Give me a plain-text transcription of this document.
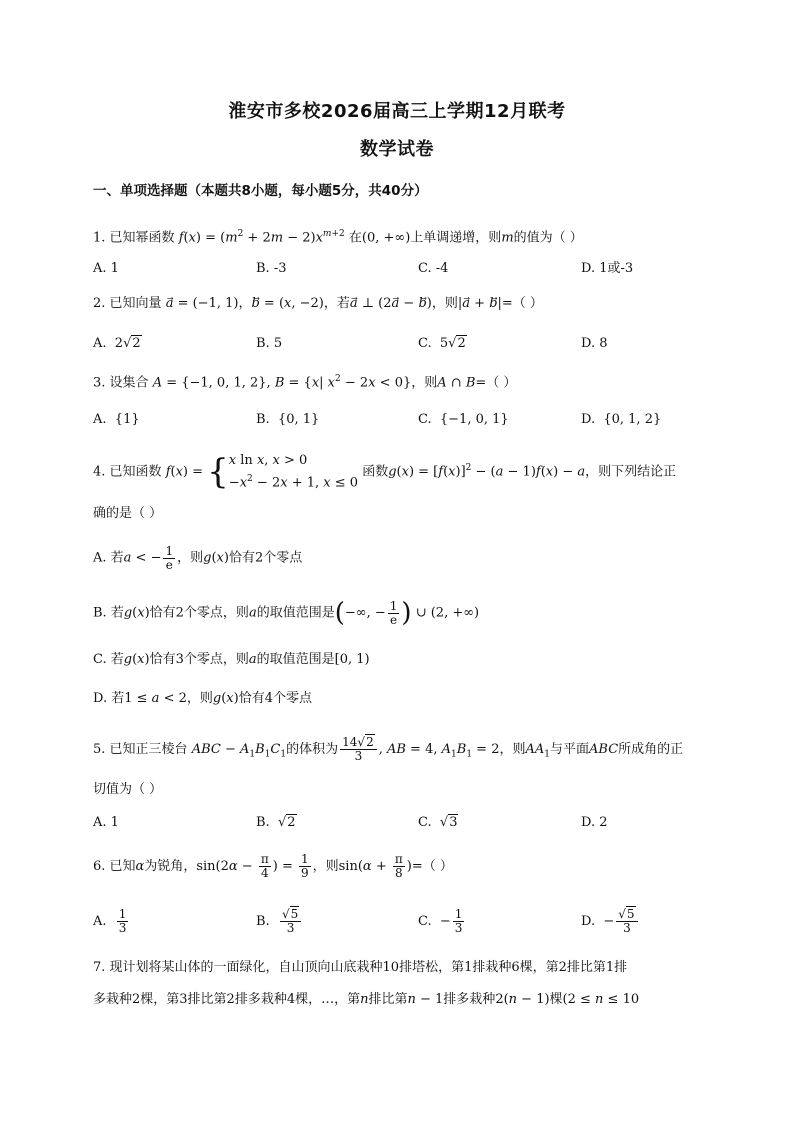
淮安市多校2026届高三上学期12月联考
数学试卷
一、单项选择题（本题共8小题，每小题5分，共40分）
1. 已知幂函数 $f(x) = (m^2 + 2m - 2)x^{m+2}$ 在(0, +∞)上单调递增，则m的值为（ ）
A. 1	B. -3	C. -4	D. 1或-3
2. 已知向量 a⃗ = (−1, 1)，b⃗ = (x, −2)，若a⃗ ⊥ (2a⃗ − b⃗)，则|a⃗ + b⃗|=（ ）
A.  2√2	B. 5	C.  5√2	D. 8
3. 设集合 A = {−1, 0, 1, 2}, B = {x| $x^2 - 2x < 0$}，则A ∩ B=（ ）
A. {1}	B. {0, 1}	C. {−1, 0, 1}	D. {0, 1, 2}
4. 已知函数 f(x) = { x ln x, x > 0
$-x^2 - 2x + 1$, x ≤ 0
函数$g(x) = [f(x)]^2 - (a - 1)f(x) - a$，则下列结论正
确的是（ ）
A. 若a < − $\frac{1}{e}$ ，则g(x)恰有2个零点
B. 若g(x)恰有2个零点，则a的取值范围是(−∞, − $\frac{1}{e}$ ) ∪ (2, +∞)
C. 若g(x)恰有3个零点，则a的取值范围是[0, 1)
D. 若1 ≤ a < 2，则g(x)恰有4个零点
5. 已知正三棱台 ABC − $A_1B_1C_1$的体积为 $\frac{14√2}{3}$ , AB = 4, $A_1B_1 = 2$，则$AA_1$与平面ABC所成角的正
切值为（ ）
A. 1	B. √2	C. √3	D. 2
6. 已知α为锐角，$\sin(2\alpha - \frac{\pi}{4}$ ) = $\frac{1}{9}$ ，则$\sin(\alpha + \frac{\pi}{8}$ )=（ ）
A. $\frac{1}{3}$	B. $\frac{√5}{3}$	C.  − $\frac{1}{3}$	D.  − $\frac{√5}{3}$
7. 现计划将某山体的一面绿化，自山顶向山底栽种10排塔松，第1排栽种6棵，第2排比第1排
多栽种2棵，第3排比第2排多栽种4棵，…，第n排比第n − 1排多栽种2(n − 1)棵(2 ≤ n ≤ 10
